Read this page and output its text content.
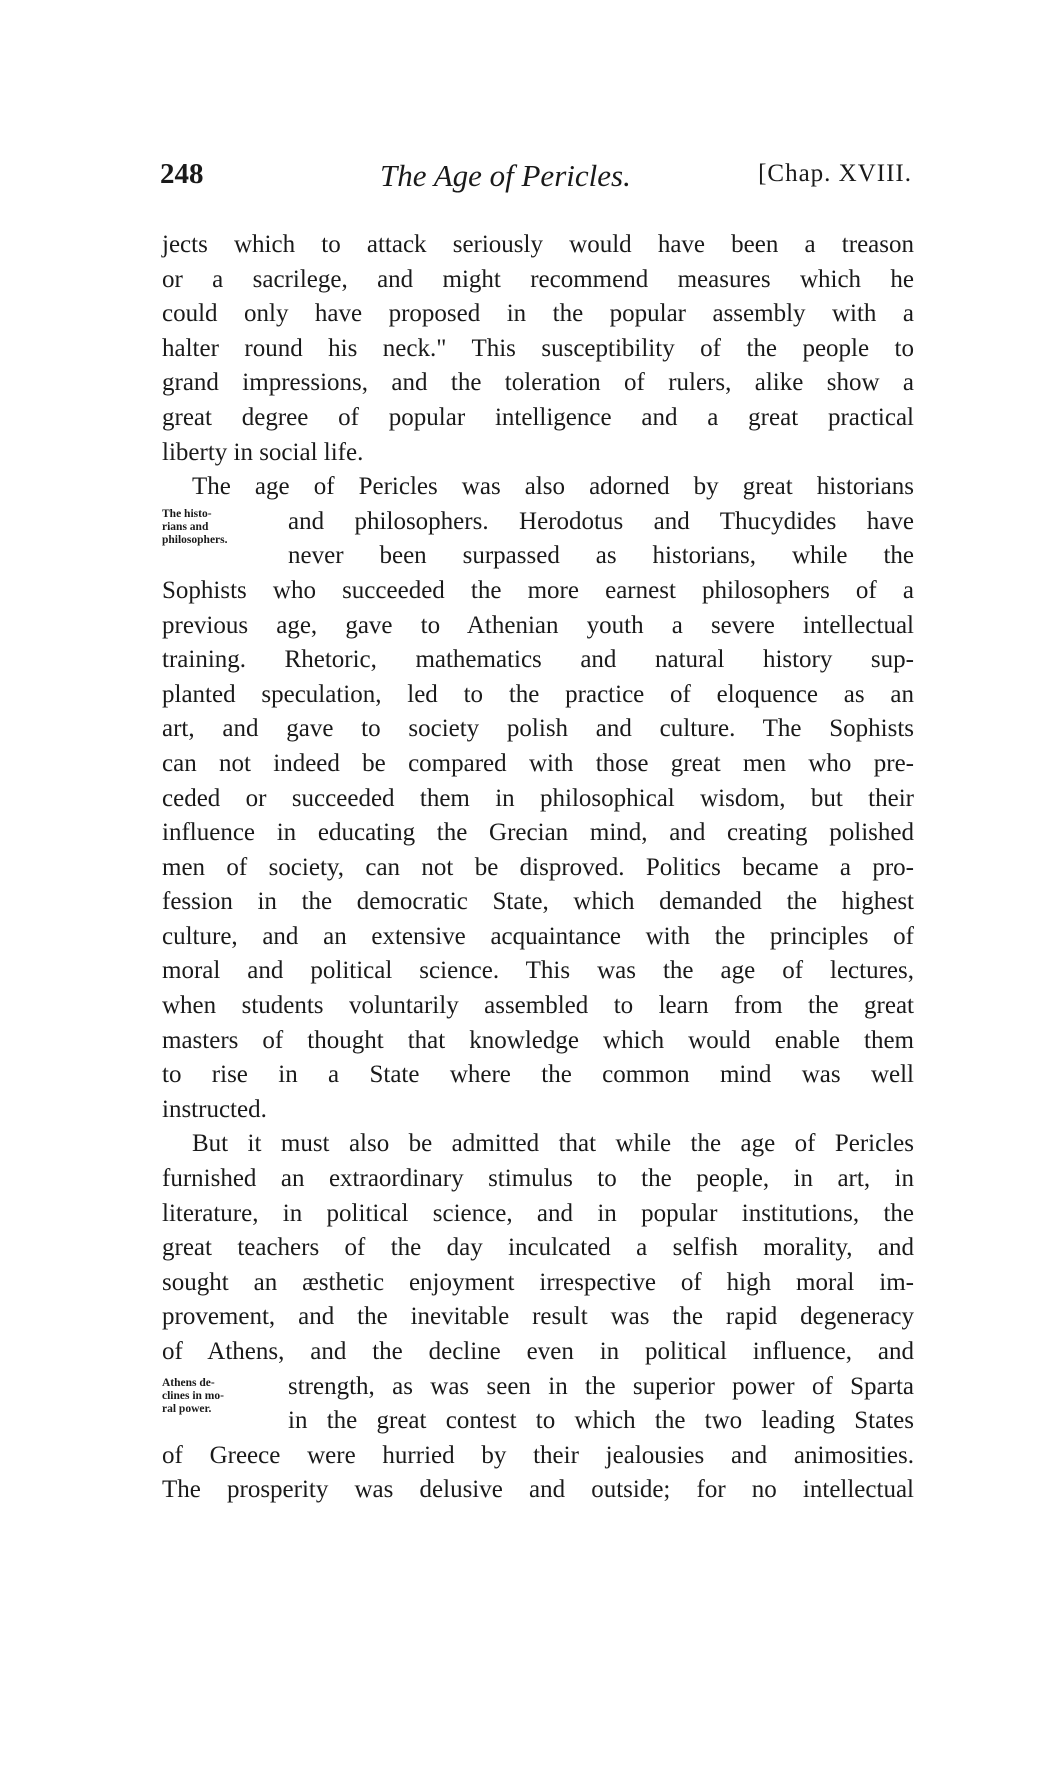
248	The Age of Pericles.	[Chap. XVIII.
jects which to attack seriously would have been a treason
or a sacrilege, and might recommend measures which he
could only have proposed in the popular assembly with a
halter round his neck." This susceptibility of the people to
grand impressions, and the toleration of rulers, alike show a
great degree of popular intelligence and a great practical
liberty in social life.
The age of Pericles was also adorned by great historians
and philosophers. Herodotus and Thucydides have
never been surpassed as historians, while the
Sophists who succeeded the more earnest philosophers of a
previous age, gave to Athenian youth a severe intellectual
training. Rhetoric, mathematics and natural history sup-
planted speculation, led to the practice of eloquence as an
art, and gave to society polish and culture. The Sophists
can not indeed be compared with those great men who pre-
ceded or succeeded them in philosophical wisdom, but their
influence in educating the Grecian mind, and creating polished
men of society, can not be disproved. Politics became a pro-
fession in the democratic State, which demanded the highest
culture, and an extensive acquaintance with the principles of
moral and political science. This was the age of lectures,
when students voluntarily assembled to learn from the great
masters of thought that knowledge which would enable them
to rise in a State where the common mind was well
instructed.
But it must also be admitted that while the age of Pericles
furnished an extraordinary stimulus to the people, in art, in
literature, in political science, and in popular institutions, the
great teachers of the day inculcated a selfish morality, and
sought an æsthetic enjoyment irrespective of high moral im-
provement, and the inevitable result was the rapid degeneracy
of Athens, and the decline even in political influence, and
strength, as was seen in the superior power of Sparta
in the great contest to which the two leading States
of Greece were hurried by their jealousies and animosities.
The prosperity was delusive and outside; for no intellectual
The histo-
rians and
philosophers.
Athens de-
clines in mo-
ral power.
